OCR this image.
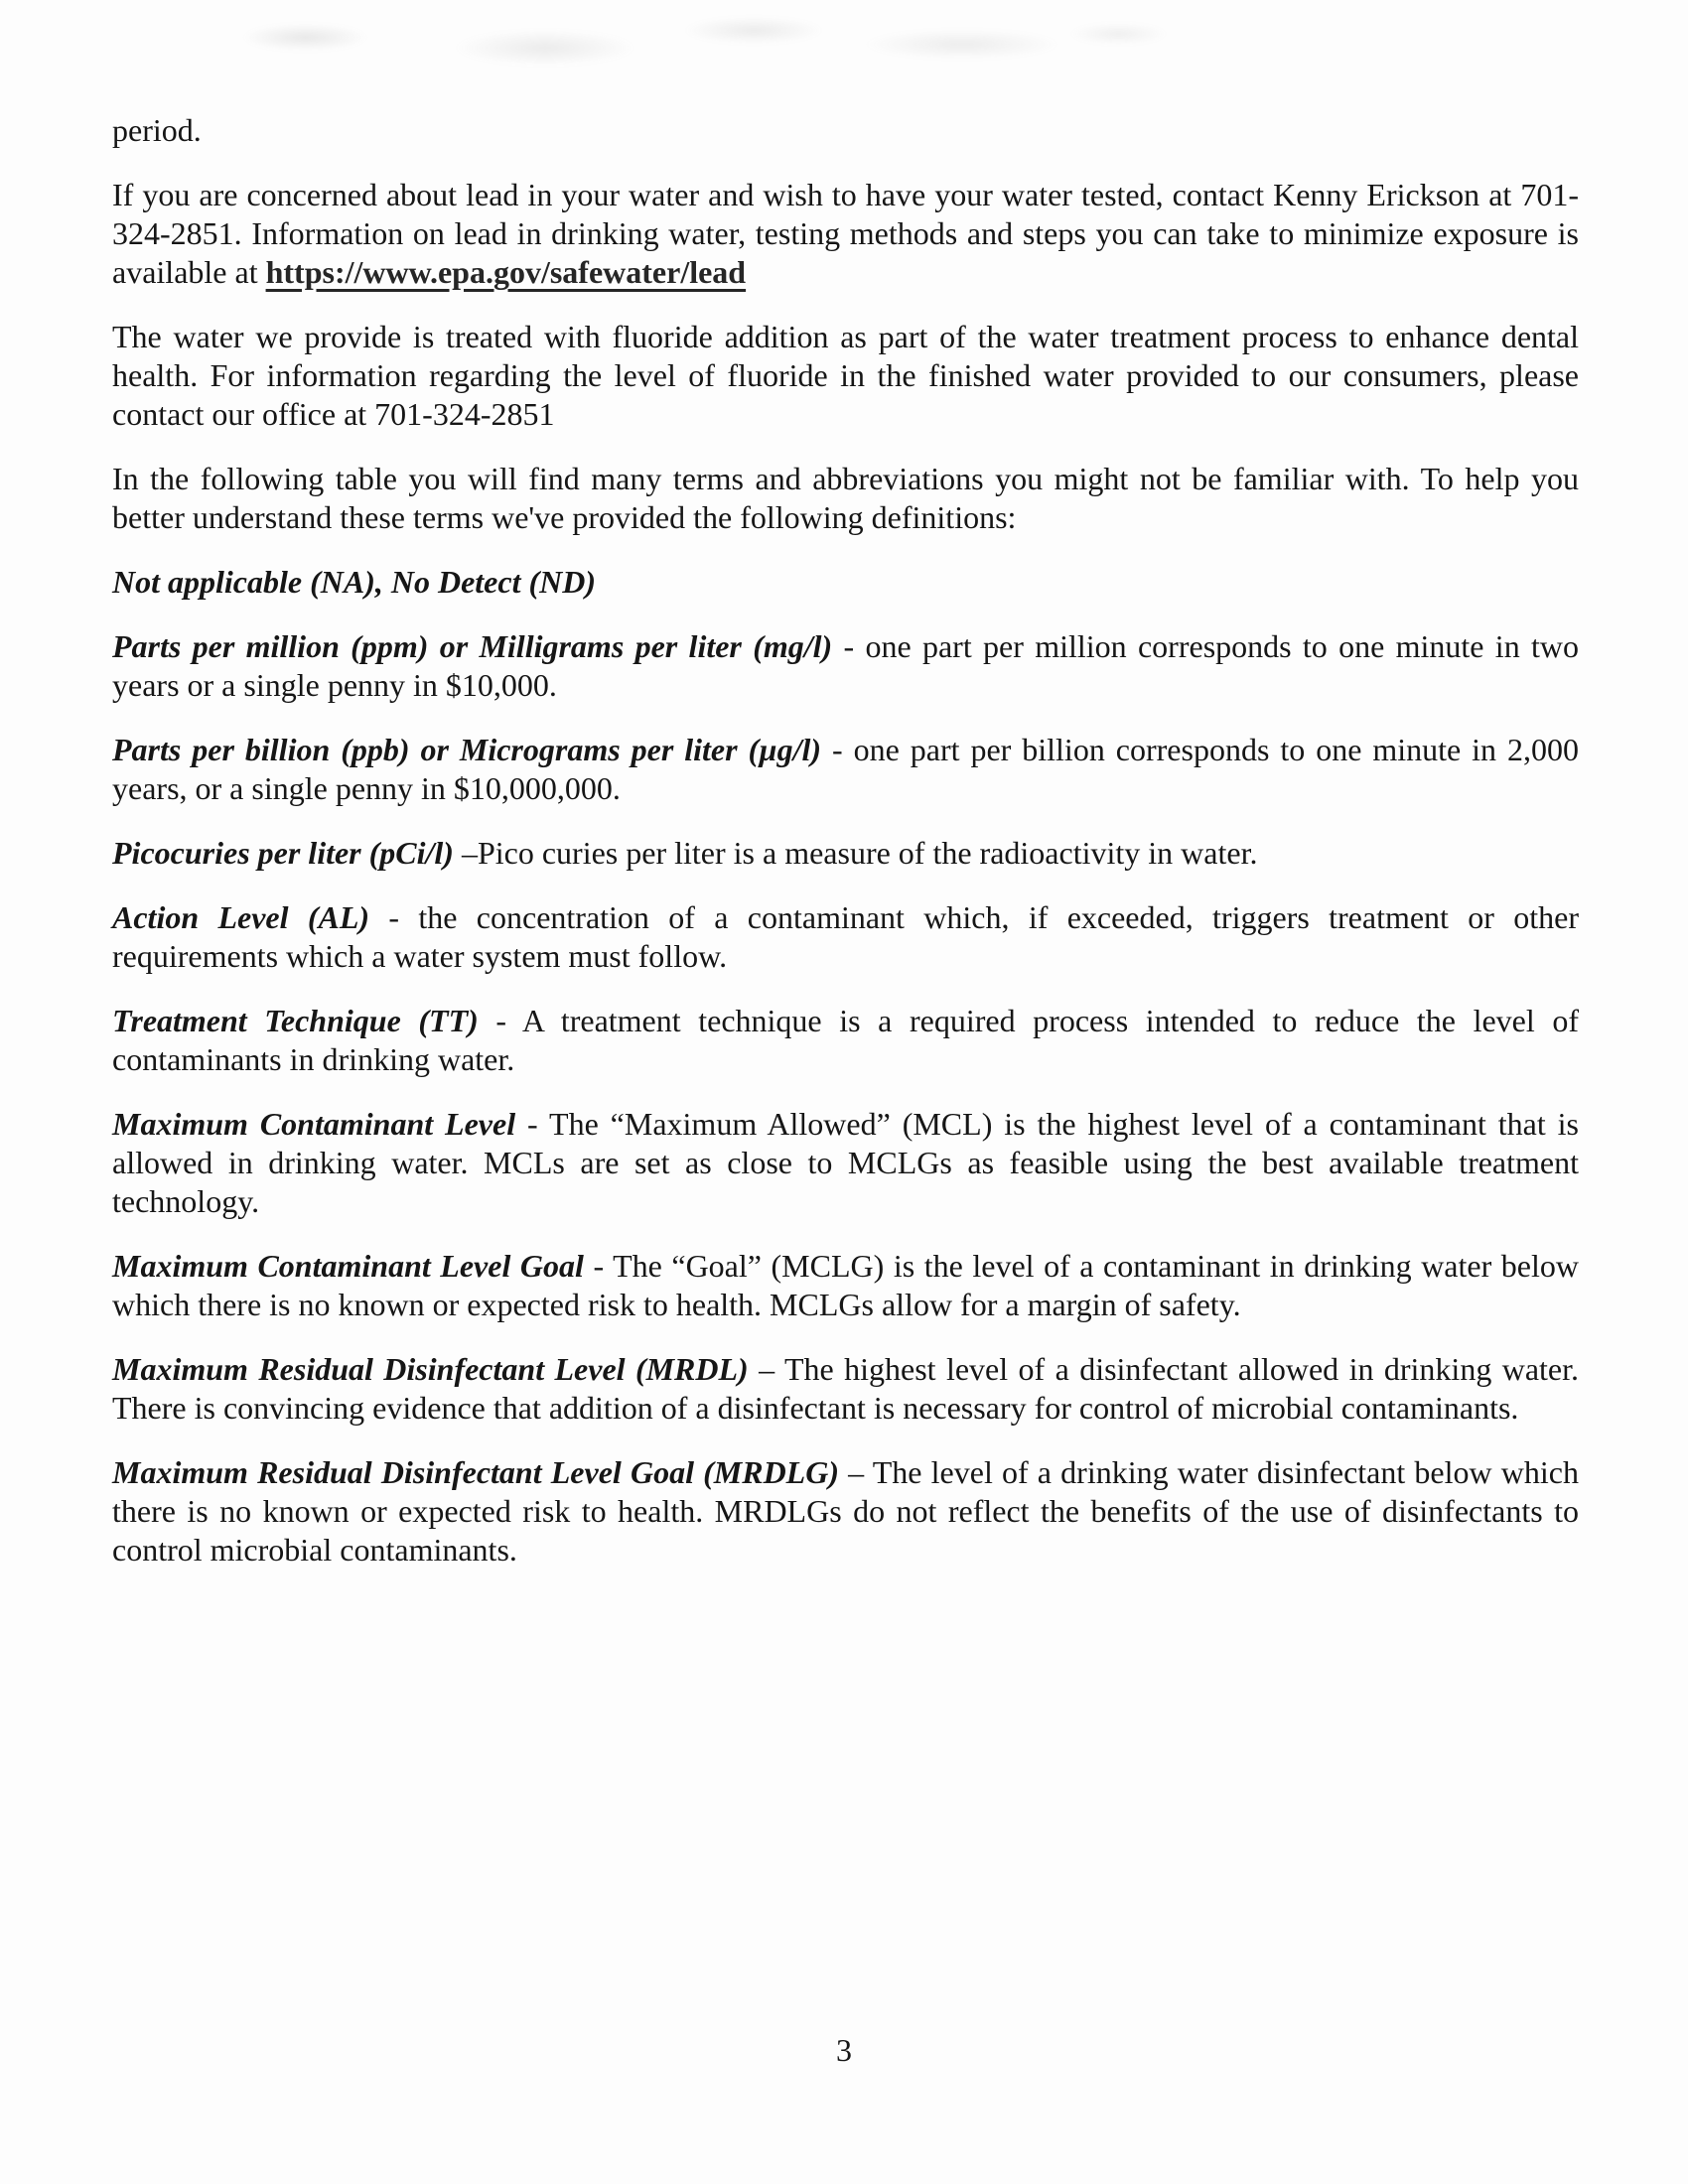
period.

If you are concerned about lead in your water and wish to have your water tested, contact Kenny Erickson at 701-324-2851. Information on lead in drinking water, testing methods and steps you can take to minimize exposure is available at https://www.epa.gov/safewater/lead

The water we provide is treated with fluoride addition as part of the water treatment process to enhance dental health. For information regarding the level of fluoride in the finished water provided to our consumers, please contact our office at 701-324-2851

In the following table you will find many terms and abbreviations you might not be familiar with. To help you better understand these terms we've provided the following definitions:

Not applicable (NA), No Detect (ND)

Parts per million (ppm) or Milligrams per liter (mg/l) - one part per million corresponds to one minute in two years or a single penny in $10,000.

Parts per billion (ppb) or Micrograms per liter (µg/l) - one part per billion corresponds to one minute in 2,000 years, or a single penny in $10,000,000.

Picocuries per liter (pCi/l) –Pico curies per liter is a measure of the radioactivity in water.

Action Level (AL) - the concentration of a contaminant which, if exceeded, triggers treatment or other requirements which a water system must follow.

Treatment Technique (TT) - A treatment technique is a required process intended to reduce the level of contaminants in drinking water.

Maximum Contaminant Level - The “Maximum Allowed” (MCL) is the highest level of a contaminant that is allowed in drinking water. MCLs are set as close to MCLGs as feasible using the best available treatment technology.

Maximum Contaminant Level Goal - The “Goal” (MCLG) is the level of a contaminant in drinking water below which there is no known or expected risk to health. MCLGs allow for a margin of safety.

Maximum Residual Disinfectant Level (MRDL) – The highest level of a disinfectant allowed in drinking water. There is convincing evidence that addition of a disinfectant is necessary for control of microbial contaminants.

Maximum Residual Disinfectant Level Goal (MRDLG) – The level of a drinking water disinfectant below which there is no known or expected risk to health. MRDLGs do not reflect the benefits of the use of disinfectants to control microbial contaminants.

3
